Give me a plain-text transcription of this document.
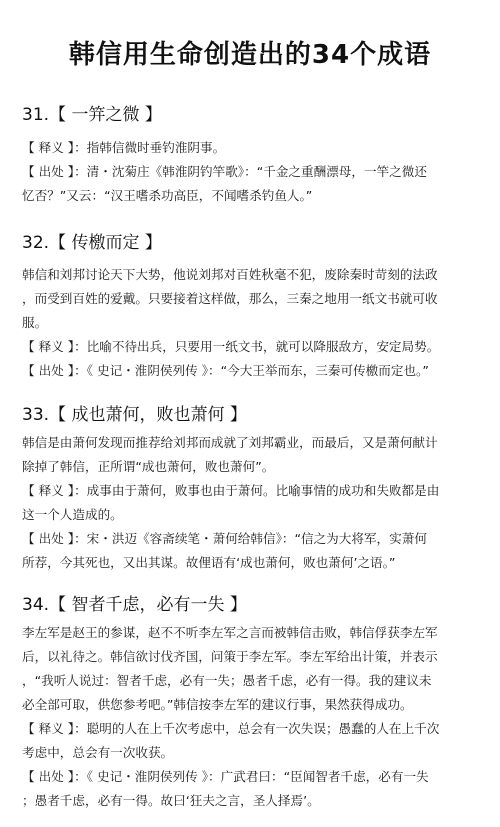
韩信用生命创造出的34个成语
31.【 一笄之微 】
【 释义 】：指韩信微时垂钓淮阴事。
【 出处 】：清・沈菊庄《韩淮阴钓竿歌》：“千金之重酬漂母，一竿之微还
忆否？”又云：“汉王嗜杀功高臣，不闻嗜杀钓鱼人。”
32.【 传檄而定 】
韩信和刘邦讨论天下大势，他说刘邦对百姓秋毫不犯，废除秦时苛刻的法政
，而受到百姓的爱戴。只要接着这样做，那么，三秦之地用一纸文书就可收
服。
【 释义 】：比喻不待出兵，只要用一纸文书，就可以降服敌方，安定局势。
【 出处 】：《 史记・淮阴侯列传 》：“今大王举而东，三秦可传檄而定也。”
33.【 成也萧何，败也萧何 】
韩信是由萧何发现而推荐给刘邦而成就了刘邦霸业，而最后，又是萧何献计
除掉了韩信，正所谓“成也萧何，败也萧何”。
【 释义 】：成事由于萧何，败事也由于萧何。比喻事情的成功和失败都是由
这一个人造成的。
【 出处 】：宋・洪迈《容斋续笔・萧何给韩信》：“信之为大将军，实萧何
所荐，今其死也，又出其谋。故俚语有‘成也萧何，败也萧何’之语。”
34.【 智者千虑，必有一失 】
李左军是赵王的参谋，赵不不听李左军之言而被韩信击败，韩信俘获李左军
后，以礼待之。韩信欲讨伐齐国，问策于李左军。李左军给出计策，并表示
，“我听人说过：智者千虑，必有一失；愚者千虑，必有一得。我的建议未
必全部可取，供您参考吧。”韩信按李左军的建议行事，果然获得成功。
【 释义 】：聪明的人在上千次考虑中，总会有一次失误；愚蠢的人在上千次
考虑中，总会有一次收获。
【 出处 】：《 史记・淮阴侯列传 》：广武君曰：“臣闻智者千虑，必有一失
；愚者千虑，必有一得。故曰‘狂夫之言，圣人择焉’。
